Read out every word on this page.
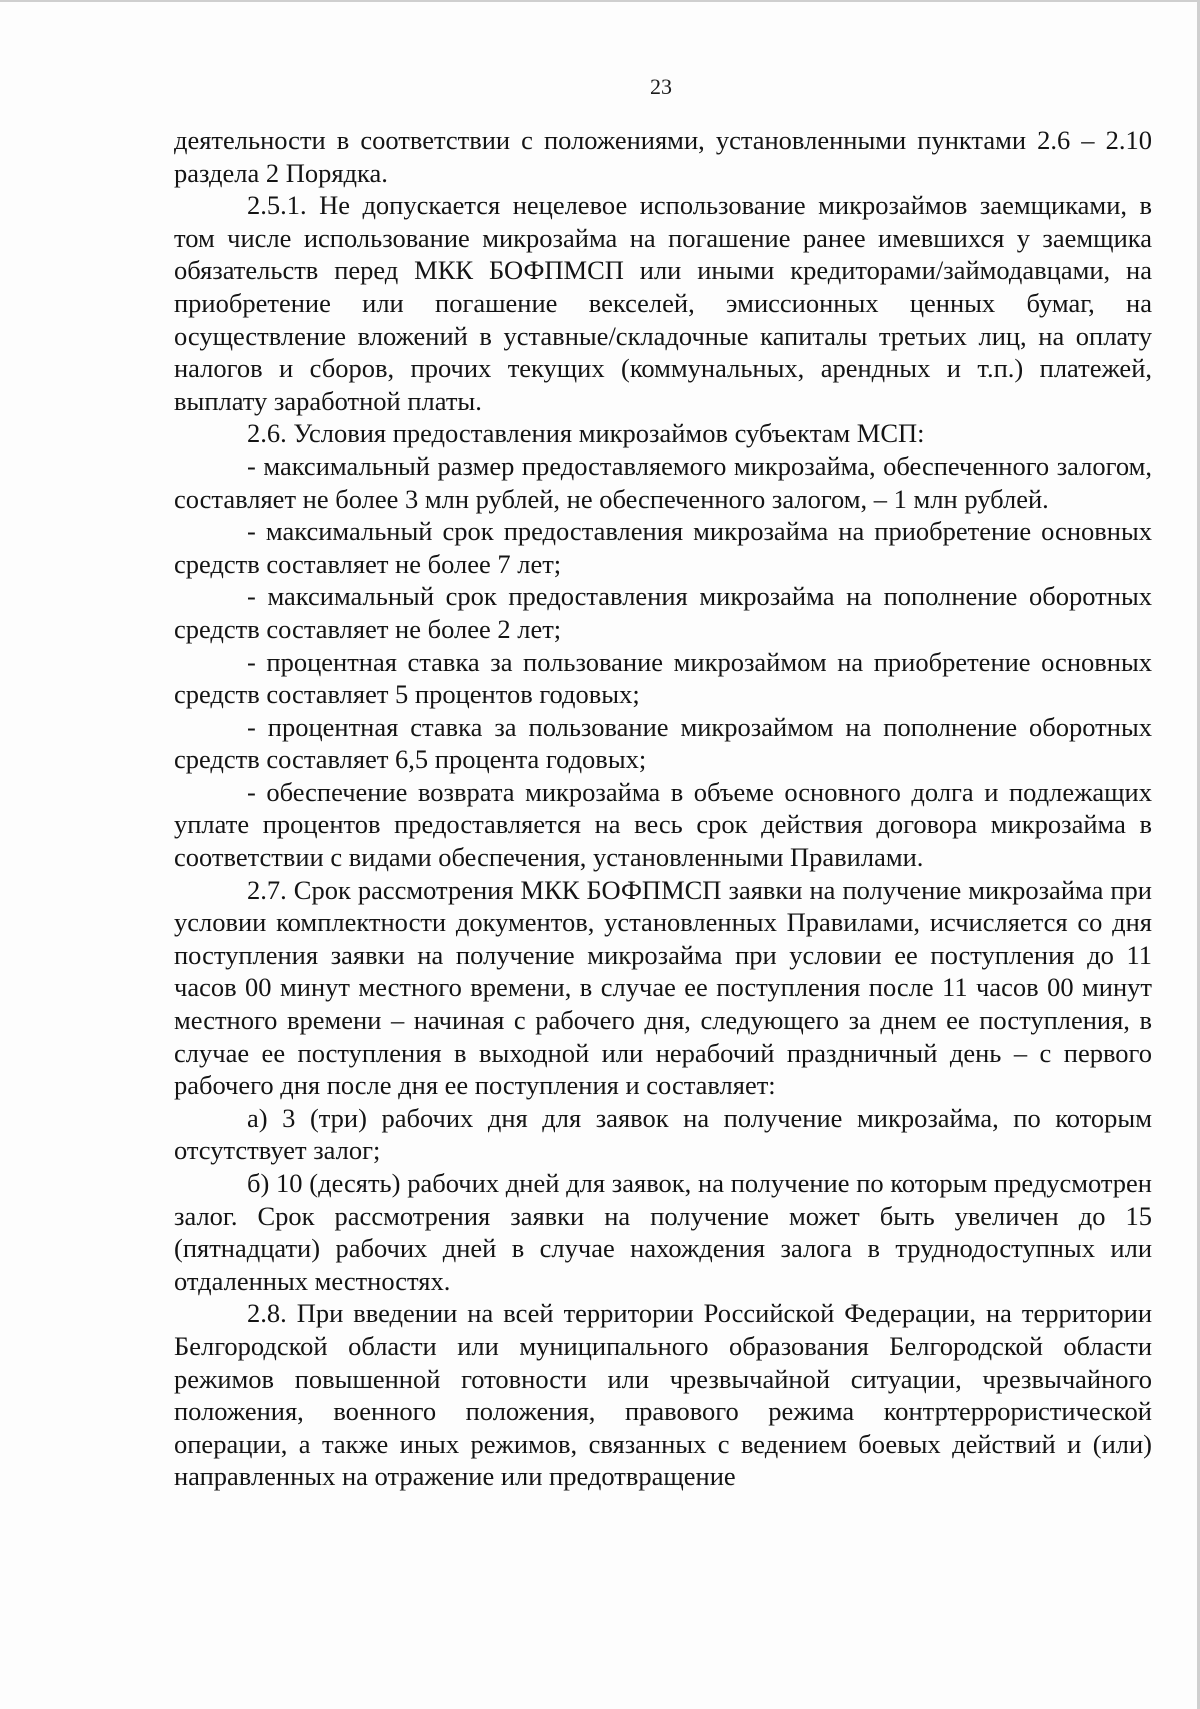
23

деятельности в соответствии с положениями, установленными пунктами 2.6 – 2.10 раздела 2 Порядка.

2.5.1. Не допускается нецелевое использование микрозаймов заемщиками, в том числе использование микрозайма на погашение ранее имевшихся у заемщика обязательств перед МКК БОФПМСП или иными кредиторами/займодавцами, на приобретение или погашение векселей, эмиссионных ценных бумаг, на осуществление вложений в уставные/складочные капиталы третьих лиц, на оплату налогов и сборов, прочих текущих (коммунальных, арендных и т.п.) платежей, выплату заработной платы.

2.6. Условия предоставления микрозаймов субъектам МСП:

- максимальный размер предоставляемого микрозайма, обеспеченного залогом, составляет не более 3 млн рублей, не обеспеченного залогом, – 1 млн рублей.

- максимальный срок предоставления микрозайма на приобретение основных средств составляет не более 7 лет;

- максимальный срок предоставления микрозайма на пополнение оборотных средств составляет не более 2 лет;

- процентная ставка за пользование микрозаймом на приобретение основных средств составляет 5 процентов годовых;

- процентная ставка за пользование микрозаймом на пополнение оборотных средств составляет 6,5 процента годовых;

- обеспечение возврата микрозайма в объеме основного долга и подлежащих уплате процентов предоставляется на весь срок действия договора микрозайма в соответствии с видами обеспечения, установленными Правилами.

2.7. Срок рассмотрения МКК БОФПМСП заявки на получение микрозайма при условии комплектности документов, установленных Правилами, исчисляется со дня поступления заявки на получение микрозайма при условии ее поступления до 11 часов 00 минут местного времени, в случае ее поступления после 11 часов 00 минут местного времени – начиная с рабочего дня, следующего за днем ее поступления, в случае ее поступления в выходной или нерабочий праздничный день – с первого рабочего дня после дня ее поступления и составляет:

а) 3 (три) рабочих дня для заявок на получение микрозайма, по которым отсутствует залог;

б) 10 (десять) рабочих дней для заявок, на получение по которым предусмотрен залог. Срок рассмотрения заявки на получение может быть увеличен до 15 (пятнадцати) рабочих дней в случае нахождения залога в труднодоступных или отдаленных местностях.

2.8. При введении на всей территории Российской Федерации, на территории Белгородской области или муниципального образования Белгородской области режимов повышенной готовности или чрезвычайной ситуации, чрезвычайного положения, военного положения, правового режима контртеррористической операции, а также иных режимов, связанных с ведением боевых действий и (или) направленных на отражение или предотвращение
